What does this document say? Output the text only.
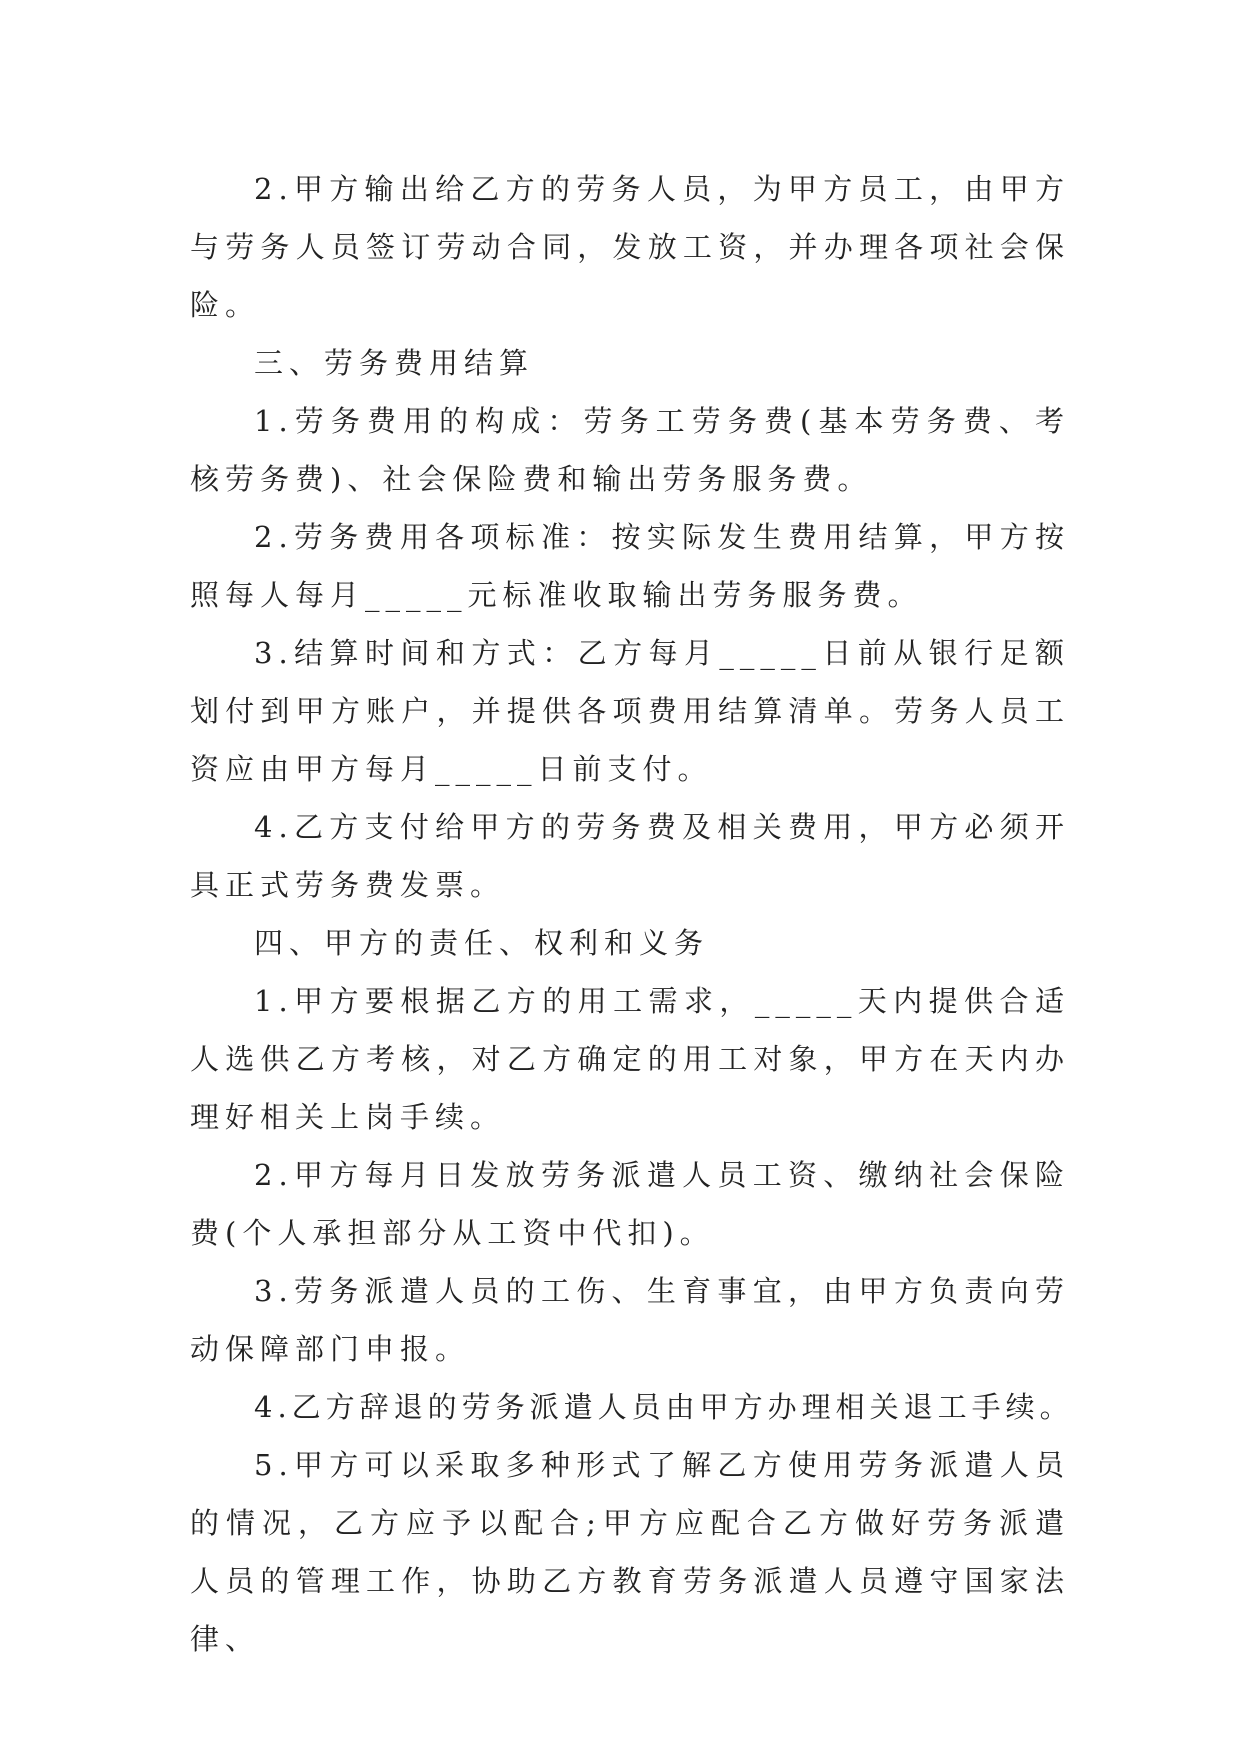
2.甲方输出给乙方的劳务人员，为甲方员工，由甲方与劳务人员签订劳动合同，发放工资，并办理各项社会保险。

三、劳务费用结算

1.劳务费用的构成：劳务工劳务费(基本劳务费、考核劳务费)、社会保险费和输出劳务服务费。

2.劳务费用各项标准：按实际发生费用结算，甲方按照每人每月_____元标准收取输出劳务服务费。

3.结算时间和方式：乙方每月_____日前从银行足额划付到甲方账户，并提供各项费用结算清单。劳务人员工资应由甲方每月_____日前支付。

4.乙方支付给甲方的劳务费及相关费用，甲方必须开具正式劳务费发票。

四、甲方的责任、权利和义务

1.甲方要根据乙方的用工需求，_____天内提供合适人选供乙方考核，对乙方确定的用工对象，甲方在天内办理好相关上岗手续。

2.甲方每月日发放劳务派遣人员工资、缴纳社会保险费(个人承担部分从工资中代扣)。

3.劳务派遣人员的工伤、生育事宜，由甲方负责向劳动保障部门申报。

4.乙方辞退的劳务派遣人员由甲方办理相关退工手续。

5.甲方可以采取多种形式了解乙方使用劳务派遣人员的情况，乙方应予以配合;甲方应配合乙方做好劳务派遣人员的管理工作，协助乙方教育劳务派遣人员遵守国家法律、
